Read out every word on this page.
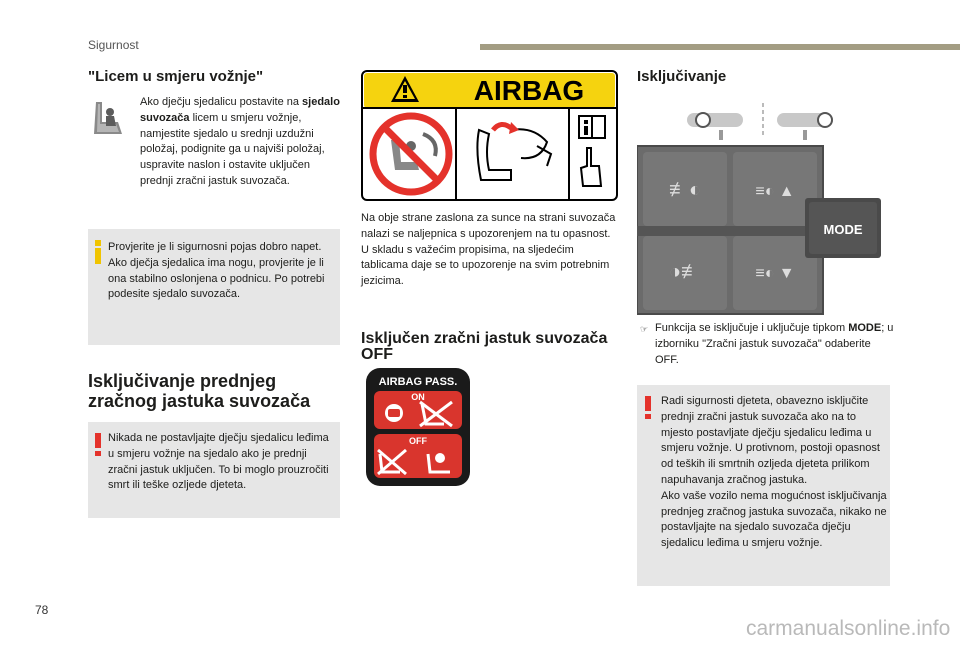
Sigurnost
"Licem u smjeru vožnje"
Ako dječju sjedalicu postavite na sjedalo suvozača licem u smjeru vožnje, namjestite sjedalo u srednji uzdužni položaj, podignite ga u najviši položaj, uspravite naslon i ostavite uključen prednji zračni jastuk suvozača.
Provjerite je li sigurnosni pojas dobro napet.
Ako dječja sjedalica ima nogu, provjerite je li ona stabilno oslonjena o podnicu. Po potrebi podesite sjedalo suvozača.
Isključivanje prednjeg zračnog jastuka suvozača
Nikada ne postavljajte dječju sjedalicu leđima u smjeru vožnje na sjedalo ako je prednji zračni jastuk uključen. To bi moglo prouzročiti smrt ili teške ozljede djeteta.
AIRBAG
Na obje strane zaslona za sunce na strani suvozača nalazi se naljepnica s upozorenjem na tu opasnost.
U skladu s važećim propisima, na sljedećim tablicama daje se to upozorenje na svim potrebnim jezicima.
Isključen zračni jastuk suvozača OFF
AIRBAG PASS.
ON
OFF
Isključivanje
≢◐	≡◐ ▲
◑≢	≡◐ ▼
MODE
☞ Funkcija se isključuje i uključuje tipkom MODE; u izborniku "Zračni jastuk suvozača" odaberite OFF.
Radi sigurnosti djeteta, obavezno isključite prednji zračni jastuk suvozača ako na to mjesto postavljate dječju sjedalicu leđima u smjeru vožnje. U protivnom, postoji opasnost od teških ili smrtnih ozljeda djeteta prilikom napuhavanja zračnog jastuka.
Ako vaše vozilo nema mogućnost isključivanja prednjeg zračnog jastuka suvozača, nikako ne postavljajte na sjedalo suvozača dječju sjedalicu leđima u smjeru vožnje.
78
carmanualsonline.info
